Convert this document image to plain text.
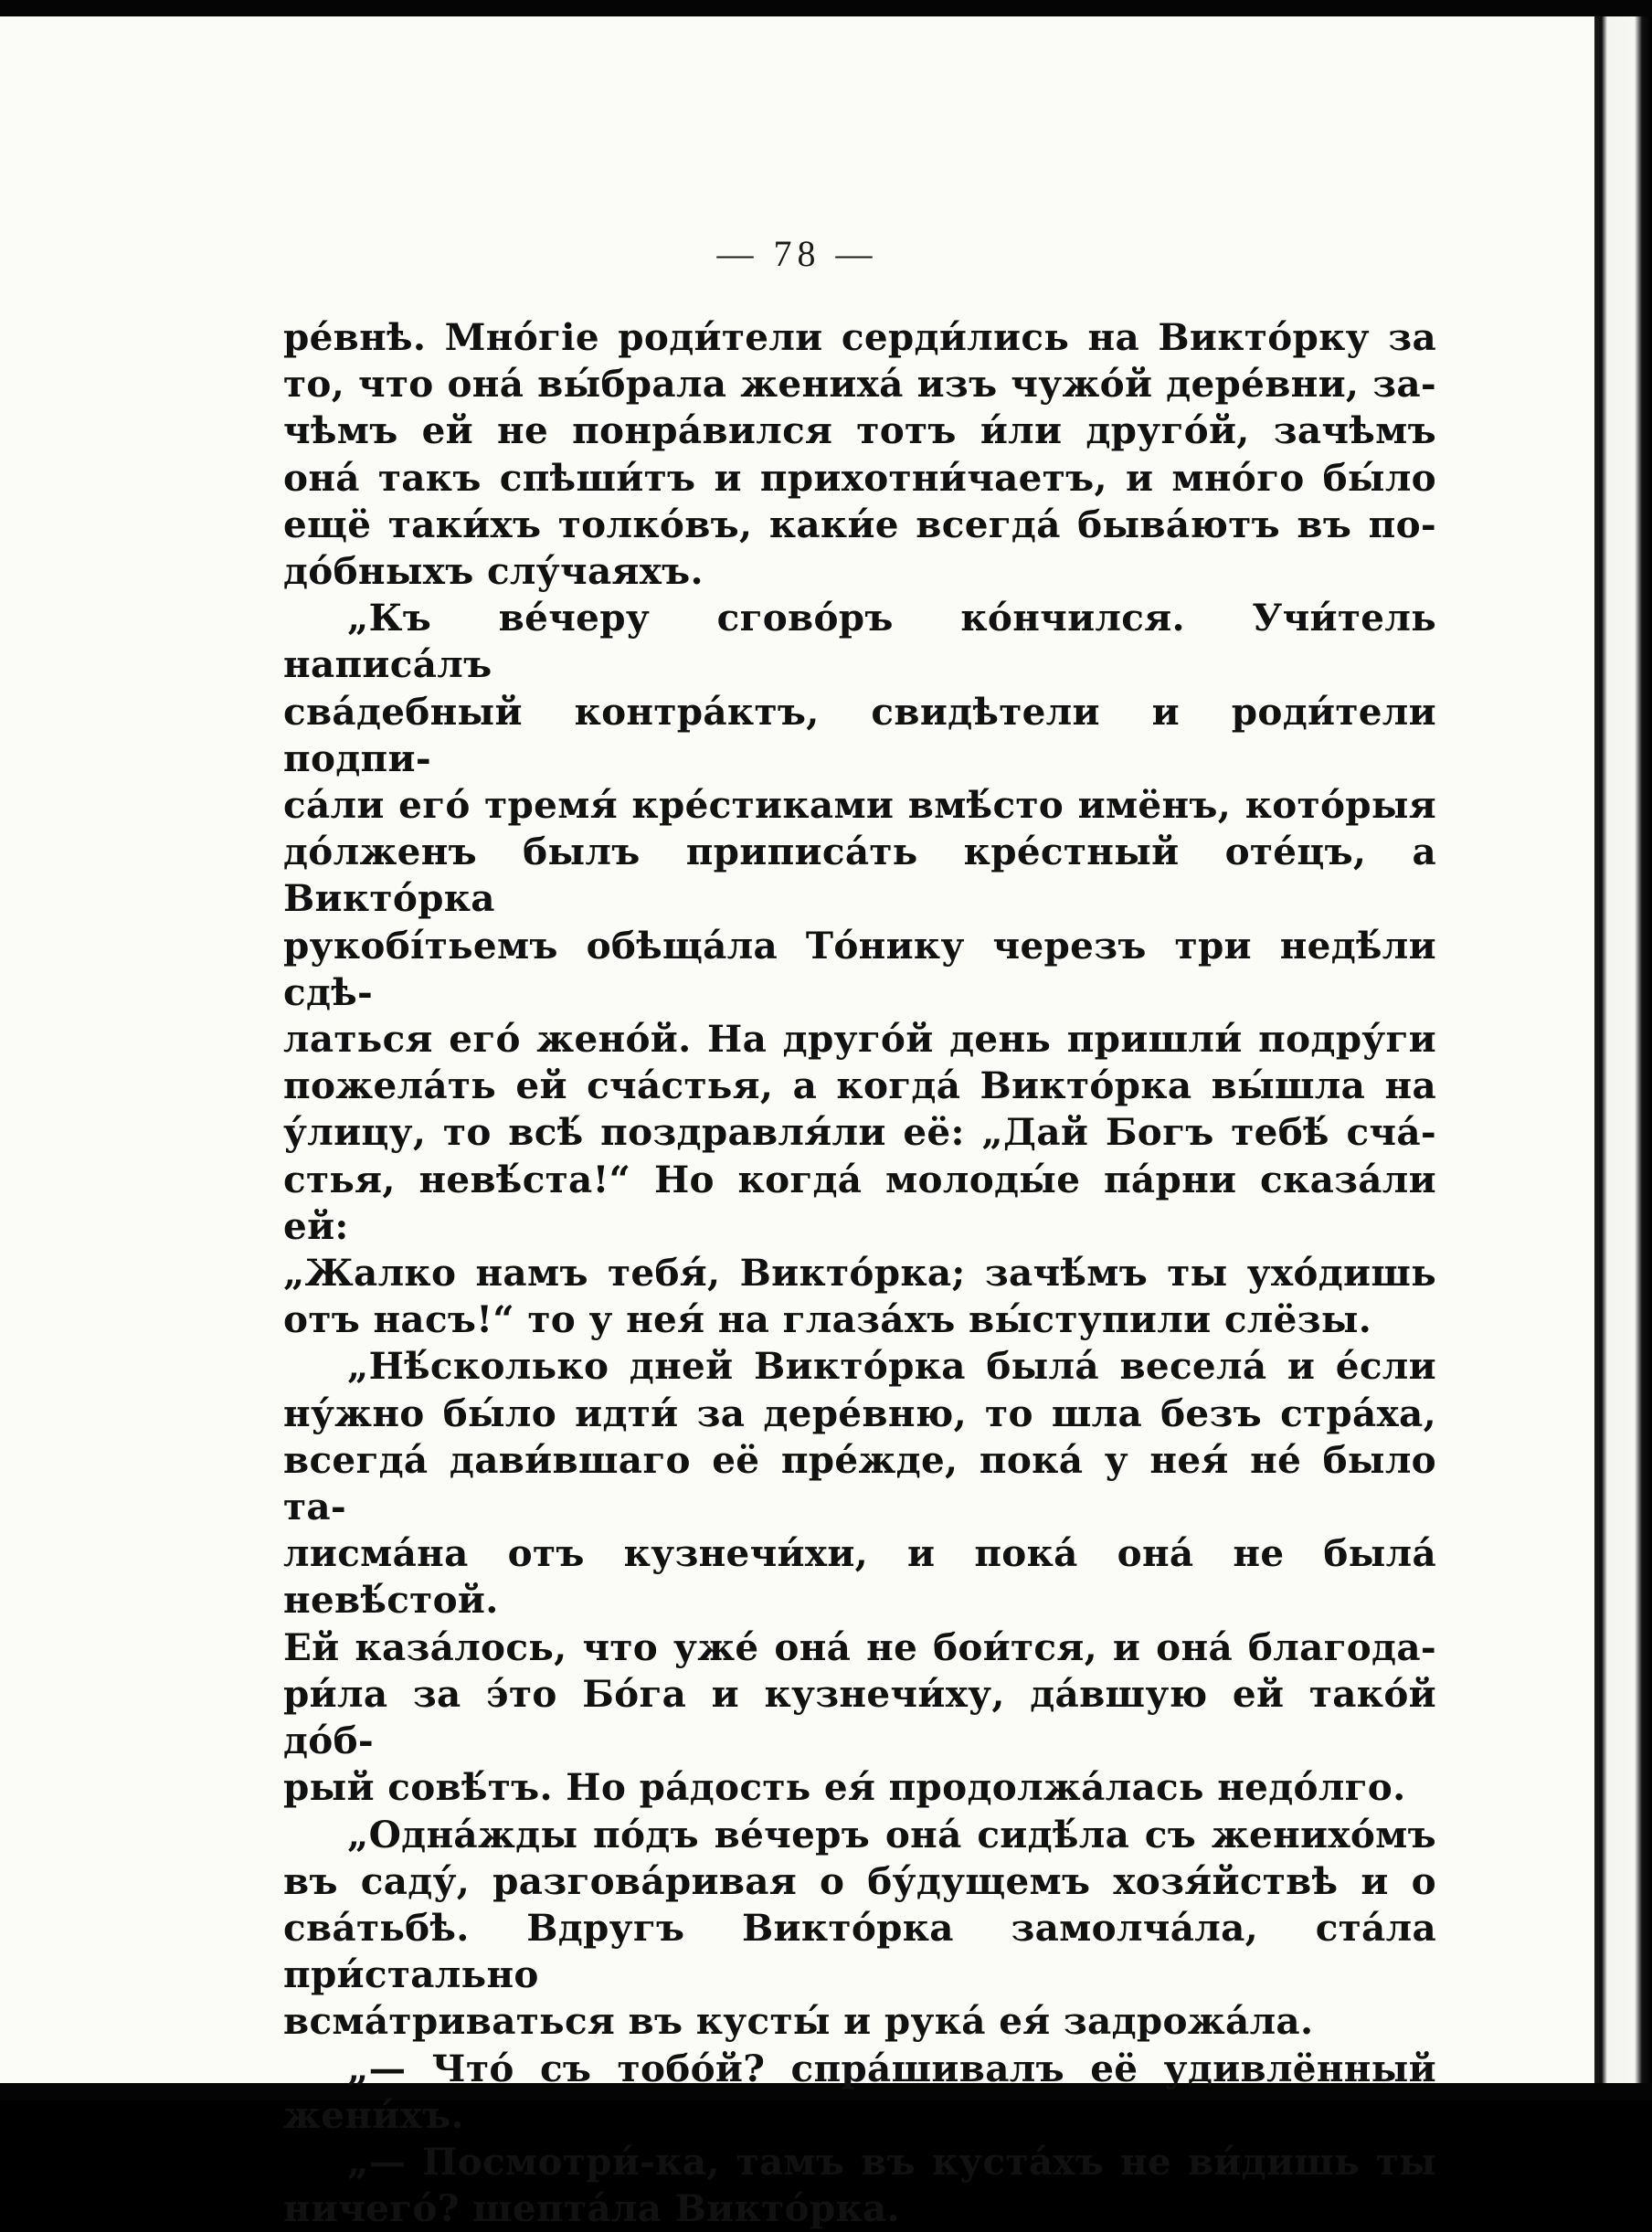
— 78 —

ре́внѣ. Мно́гіе роди́тели серди́лись на Викто́рку за
то, что она́ вы́брала жениха́ изъ чужо́й дере́вни, за-
чѣмъ ей не понра́вился тотъ и́ли друго́й, зачѣмъ
она́ такъ спѣши́тъ и прихотни́чаетъ, и мно́го бы́ло
ещё таки́хъ толко́въ, каки́е всегда́ быва́ютъ въ по-
до́бныхъ слу́чаяхъ.

„Къ ве́черу сгово́ръ ко́нчился. Учи́тель написа́лъ
сва́дебный контра́ктъ, свидѣтели и роди́тели подпи-
са́ли его́ тремя́ кре́стиками вмѣ́сто имёнъ, кото́рыя
до́лженъ былъ приписа́ть кре́стный оте́цъ, а Викто́рка
рукобі́тьемъ обѣща́ла То́нику черезъ три недѣ́ли сдѣ-
латься его́ жено́й. На друго́й день пришли́ подру́ги
пожела́ть ей сча́стья, а когда́ Викто́рка вы́шла на
у́лицу, то всѣ́ поздравля́ли её: „Дай Богъ тебѣ́ сча́-
стья, невѣ́ста!“ Но когда́ молоды́е па́рни сказа́ли ей:
„Жалко намъ тебя́, Викто́рка; зачѣ́мъ ты ухо́дишь
отъ насъ!“ то у нея́ на глаза́хъ вы́ступили слёзы.

„Нѣ́сколько дней Викто́рка была́ весела́ и е́сли
ну́жно бы́ло идти́ за дере́вню, то шла безъ стра́ха,
всегда́ дави́вшаго её пре́жде, пока́ у нея́ не́ было та-
лисма́на отъ кузнечи́хи, и пока́ она́ не была́ невѣ́стой.
Ей каза́лось, что уже́ она́ не бои́тся, и она́ благода-
ри́ла за э́то Бо́га и кузнечи́ху, да́вшую ей тако́й до́б-
рый совѣ́тъ. Но ра́дость ея́ продолжа́лась недо́лго.

„Одна́жды по́дъ ве́черъ она́ сидѣ́ла съ женихо́мъ
въ саду́, разгова́ривая о бу́дущемъ хозя́йствѣ и о
сва́тьбѣ. Вдругъ Викто́рка замолча́ла, ста́ла при́стально
всма́триваться въ кусты́ и рука́ ея́ задрожа́ла.

„— Что́ съ тобо́й? спра́шивалъ её удивлённый
жени́хъ.

„— Посмотри́-ка, тамъ въ куста́хъ не ви́дишь ты
ничего́? шепта́ла Викто́рка.
